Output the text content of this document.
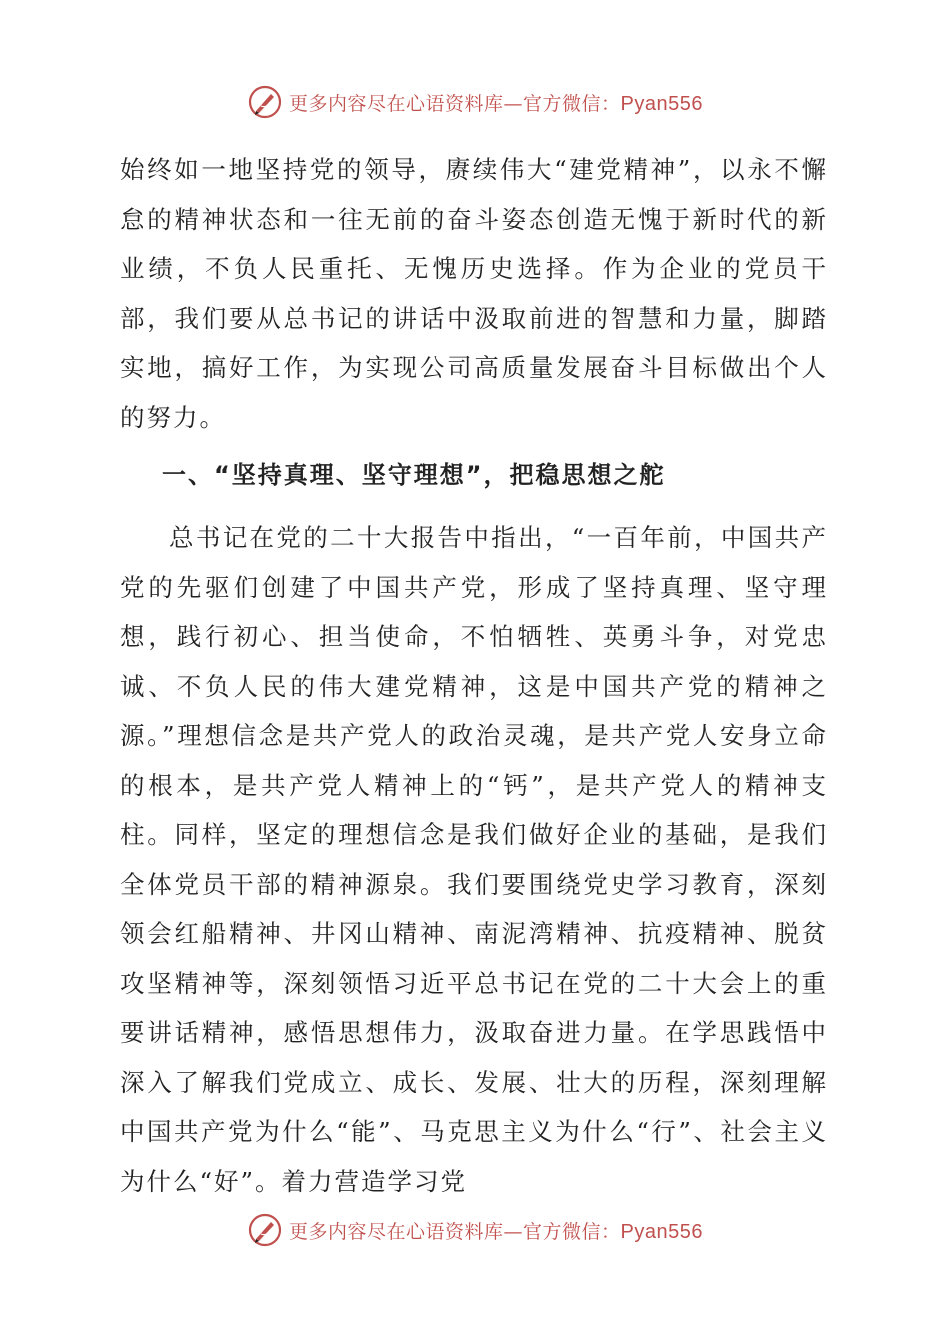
更多内容尽在心语资料库—官方微信：Pyan556

始终如一地坚持党的领导，赓续伟大“建党精神”，以永不懈怠的精神状态和一往无前的奋斗姿态创造无愧于新时代的新业绩，不负人民重托、无愧历史选择。作为企业的党员干部，我们要从总书记的讲话中汲取前进的智慧和力量，脚踏实地，搞好工作，为实现公司高质量发展奋斗目标做出个人的努力。

一、“坚持真理、坚守理想”，把稳思想之舵

总书记在党的二十大报告中指出，“一百年前，中国共产党的先驱们创建了中国共产党，形成了坚持真理、坚守理想，践行初心、担当使命，不怕牺牲、英勇斗争，对党忠诚、不负人民的伟大建党精神，这是中国共产党的精神之源。”理想信念是共产党人的政治灵魂，是共产党人安身立命的根本，是共产党人精神上的“钙”，是共产党人的精神支柱。同样，坚定的理想信念是我们做好企业的基础，是我们全体党员干部的精神源泉。我们要围绕党史学习教育，深刻领会红船精神、井冈山精神、南泥湾精神、抗疫精神、脱贫攻坚精神等，深刻领悟习近平总书记在党的二十大会上的重要讲话精神，感悟思想伟力，汲取奋进力量。在学思践悟中深入了解我们党成立、成长、发展、壮大的历程，深刻理解中国共产党为什么“能”、马克思主义为什么“行”、社会主义为什么“好”。着力营造学习党

更多内容尽在心语资料库—官方微信：Pyan556
